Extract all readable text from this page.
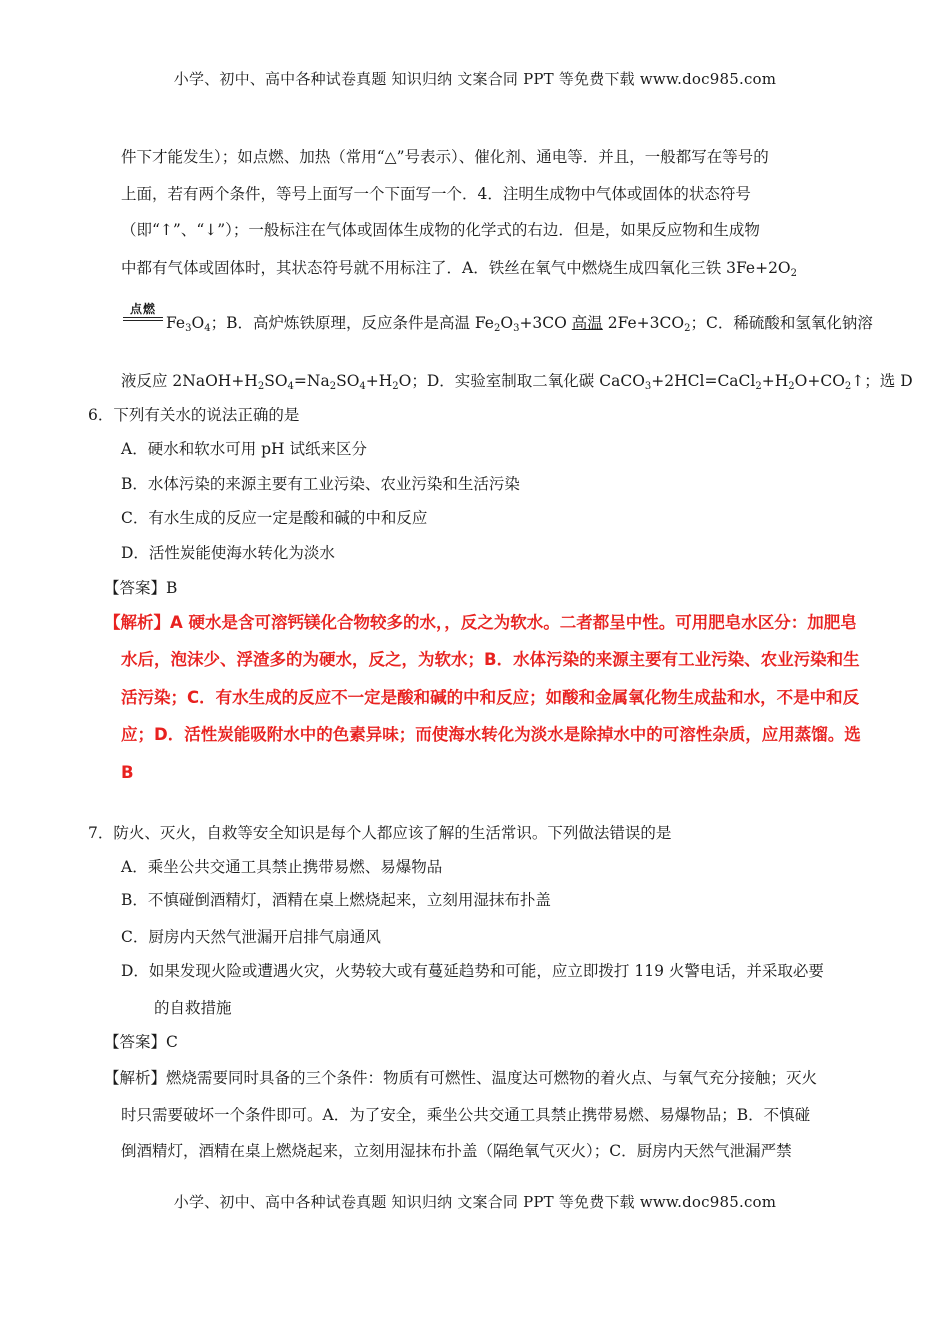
小学、初中、高中各种试卷真题 知识归纳 文案合同 PPT 等免费下载 www.doc985.com
件下才能发生）；如点燃、加热（常用“△”号表示）、催化剂、通电等．并且，一般都写在等号的
上面，若有两个条件，等号上面写一个下面写一个．4．注明生成物中气体或固体的状态符号
（即“↑”、“↓”）；一般标注在气体或固体生成物的化学式的右边．但是，如果反应物和生成物
中都有气体或固体时，其状态符号就不用标注了．A．铁丝在氧气中燃烧生成四氧化三铁 $3Fe+2O_2$
点燃
$Fe_3O_4$；B．高炉炼铁原理，反应条件是高温 $Fe_2O_3+3CO$ 高温 $2Fe+3CO_2$；C．稀硫酸和氢氧化钠溶
液反应 $2NaOH+H_2SO_4=Na_2SO_4+H_2O$；D．实验室制取二氧化碳 $CaCO_3+2HCl=CaCl_2+H_2O+CO_2↑$；选 D
6．下列有关水的说法正确的是
A．硬水和软水可用 pH 试纸来区分
B．水体污染的来源主要有工业污染、农业污染和生活污染
C．有水生成的反应一定是酸和碱的中和反应
D．活性炭能使海水转化为淡水
【答案】B
【解析】A 硬水是含可溶钙镁化合物较多的水，，反之为软水。二者都呈中性。可用肥皂水区分：加肥皂
水后，泡沫少、浮渣多的为硬水，反之，为软水；B．水体污染的来源主要有工业污染、农业污染和生
活污染；C．有水生成的反应不一定是酸和碱的中和反应；如酸和金属氧化物生成盐和水，不是中和反
应；D．活性炭能吸附水中的色素异味；而使海水转化为淡水是除掉水中的可溶性杂质，应用蒸馏。选
B
7．防火、灭火，自救等安全知识是每个人都应该了解的生活常识。下列做法错误的是
A．乘坐公共交通工具禁止携带易燃、易爆物品
B．不慎碰倒酒精灯，酒精在桌上燃烧起来，立刻用湿抹布扑盖
C．厨房内天然气泄漏开启排气扇通风
D．如果发现火险或遭遇火灾，火势较大或有蔓延趋势和可能，应立即拨打 119 火警电话，并采取必要
的自救措施
【答案】C
【解析】燃烧需要同时具备的三个条件：物质有可燃性、温度达可燃物的着火点、与氧气充分接触；灭火
时只需要破坏一个条件即可。A．为了安全，乘坐公共交通工具禁止携带易燃、易爆物品；B．不慎碰
倒酒精灯，酒精在桌上燃烧起来，立刻用湿抹布扑盖（隔绝氧气灭火）；C．厨房内天然气泄漏严禁
小学、初中、高中各种试卷真题 知识归纳 文案合同 PPT 等免费下载 www.doc985.com
